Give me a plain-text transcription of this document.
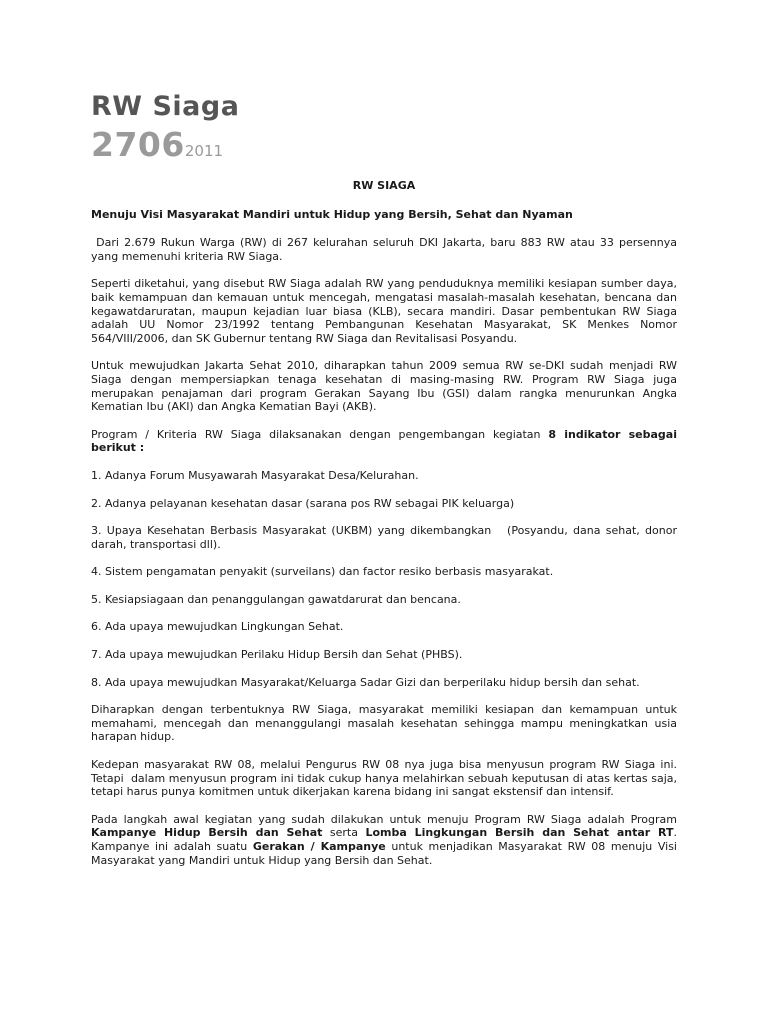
RW Siaga
27062011

RW SIAGA

Menuju Visi Masyarakat Mandiri untuk Hidup yang Bersih, Sehat dan Nyaman

Dari 2.679 Rukun Warga (RW) di 267 kelurahan seluruh DKI Jakarta, baru 883 RW atau 33 persennya yang memenuhi kriteria RW Siaga.

Seperti diketahui, yang disebut RW Siaga adalah RW yang penduduknya memiliki kesiapan sumber daya, baik kemampuan dan kemauan untuk mencegah, mengatasi masalah-masalah kesehatan, bencana dan kegawatdaruratan, maupun kejadian luar biasa (KLB), secara mandiri. Dasar pembentukan RW Siaga adalah UU Nomor 23/1992 tentang Pembangunan Kesehatan Masyarakat, SK Menkes Nomor 564/VIII/2006, dan SK Gubernur tentang RW Siaga dan Revitalisasi Posyandu.

Untuk mewujudkan Jakarta Sehat 2010, diharapkan tahun 2009 semua RW se-DKI sudah menjadi RW Siaga dengan mempersiapkan tenaga kesehatan di masing-masing RW. Program RW Siaga juga merupakan penajaman dari program Gerakan Sayang Ibu (GSI) dalam rangka menurunkan Angka Kematian Ibu (AKI) dan Angka Kematian Bayi (AKB).

Program / Kriteria RW Siaga dilaksanakan dengan pengembangan kegiatan 8 indikator sebagai berikut :

1. Adanya Forum Musyawarah Masyarakat Desa/Kelurahan.

2. Adanya pelayanan kesehatan dasar (sarana pos RW sebagai PIK keluarga)

3. Upaya Kesehatan Berbasis Masyarakat (UKBM) yang dikembangkan   (Posyandu, dana sehat, donor darah, transportasi dll).

4. Sistem pengamatan penyakit (surveilans) dan factor resiko berbasis masyarakat.

5. Kesiapsiagaan dan penanggulangan gawatdarurat dan bencana.

6. Ada upaya mewujudkan Lingkungan Sehat.

7. Ada upaya mewujudkan Perilaku Hidup Bersih dan Sehat (PHBS).

8. Ada upaya mewujudkan Masyarakat/Keluarga Sadar Gizi dan berperilaku hidup bersih dan sehat.

Diharapkan dengan terbentuknya RW Siaga, masyarakat memiliki kesiapan dan kemampuan untuk memahami, mencegah dan menanggulangi masalah kesehatan sehingga mampu meningkatkan usia harapan hidup.

Kedepan masyarakat RW 08, melalui Pengurus RW 08 nya juga bisa menyusun program RW Siaga ini. Tetapi  dalam menyusun program ini tidak cukup hanya melahirkan sebuah keputusan di atas kertas saja, tetapi harus punya komitmen untuk dikerjakan karena bidang ini sangat ekstensif dan intensif.

Pada langkah awal kegiatan yang sudah dilakukan untuk menuju Program RW Siaga adalah Program Kampanye Hidup Bersih dan Sehat serta Lomba Lingkungan Bersih dan Sehat antar RT. Kampanye ini adalah suatu Gerakan / Kampanye untuk menjadikan Masyarakat RW 08 menuju Visi Masyarakat yang Mandiri untuk Hidup yang Bersih dan Sehat.
